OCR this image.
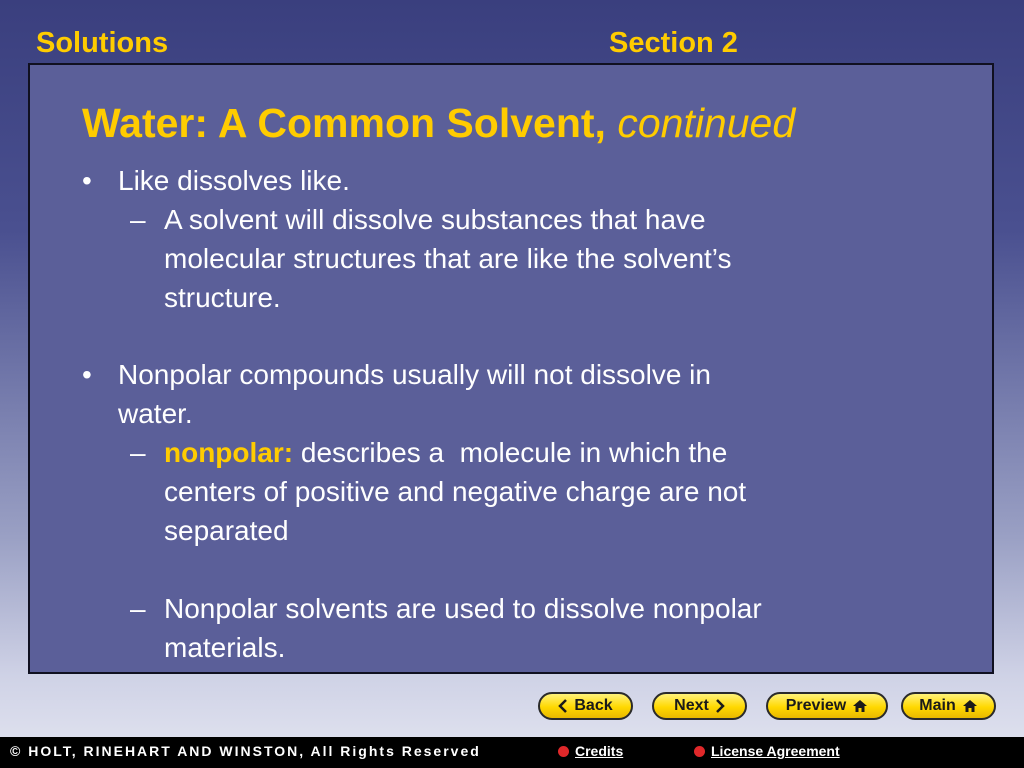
Solutions	Section 2
Water: A Common Solvent, continued
• Like dissolves like.
– A solvent will dissolve substances that have
molecular structures that are like the solvent’s
structure.
• Nonpolar compounds usually will not dissolve in
water.
– nonpolar: describes a  molecule in which the
centers of positive and negative charge are not
separated
– Nonpolar solvents are used to dissolve nonpolar
materials.
Back	Next	Preview	Main
© HOLT, RINEHART AND WINSTON, All Rights Reserved	Credits	License Agreement
